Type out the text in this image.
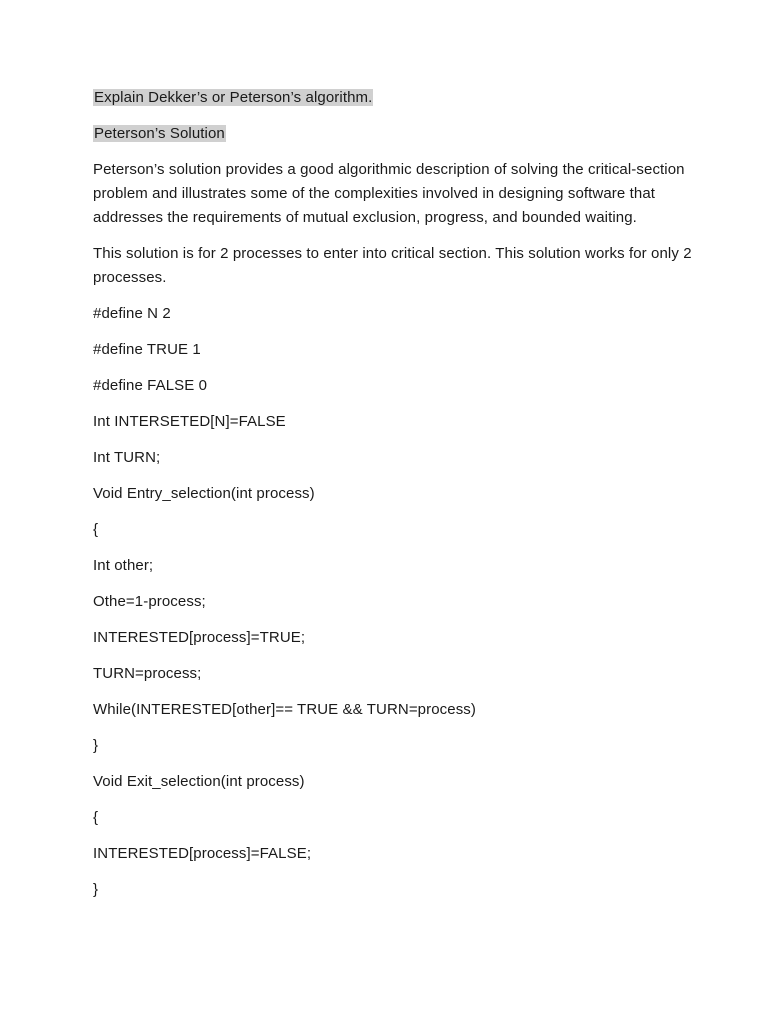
Explain Dekker’s or Peterson’s algorithm.

Peterson’s Solution

Peterson’s solution provides a good algorithmic description of solving the critical-section problem and illustrates some of the complexities involved in designing software that addresses the requirements of mutual exclusion, progress, and bounded waiting.

This solution is for 2 processes to enter into critical section. This solution works for only 2 processes.

#define N 2

#define TRUE 1

#define FALSE 0

Int INTERSETED[N]=FALSE

Int TURN;

Void Entry_selection(int process)

{

Int other;

Othe=1-process;

INTERESTED[process]=TRUE;

TURN=process;

While(INTERESTED[other]== TRUE && TURN=process)

}

Void Exit_selection(int process)

{

INTERESTED[process]=FALSE;

}
